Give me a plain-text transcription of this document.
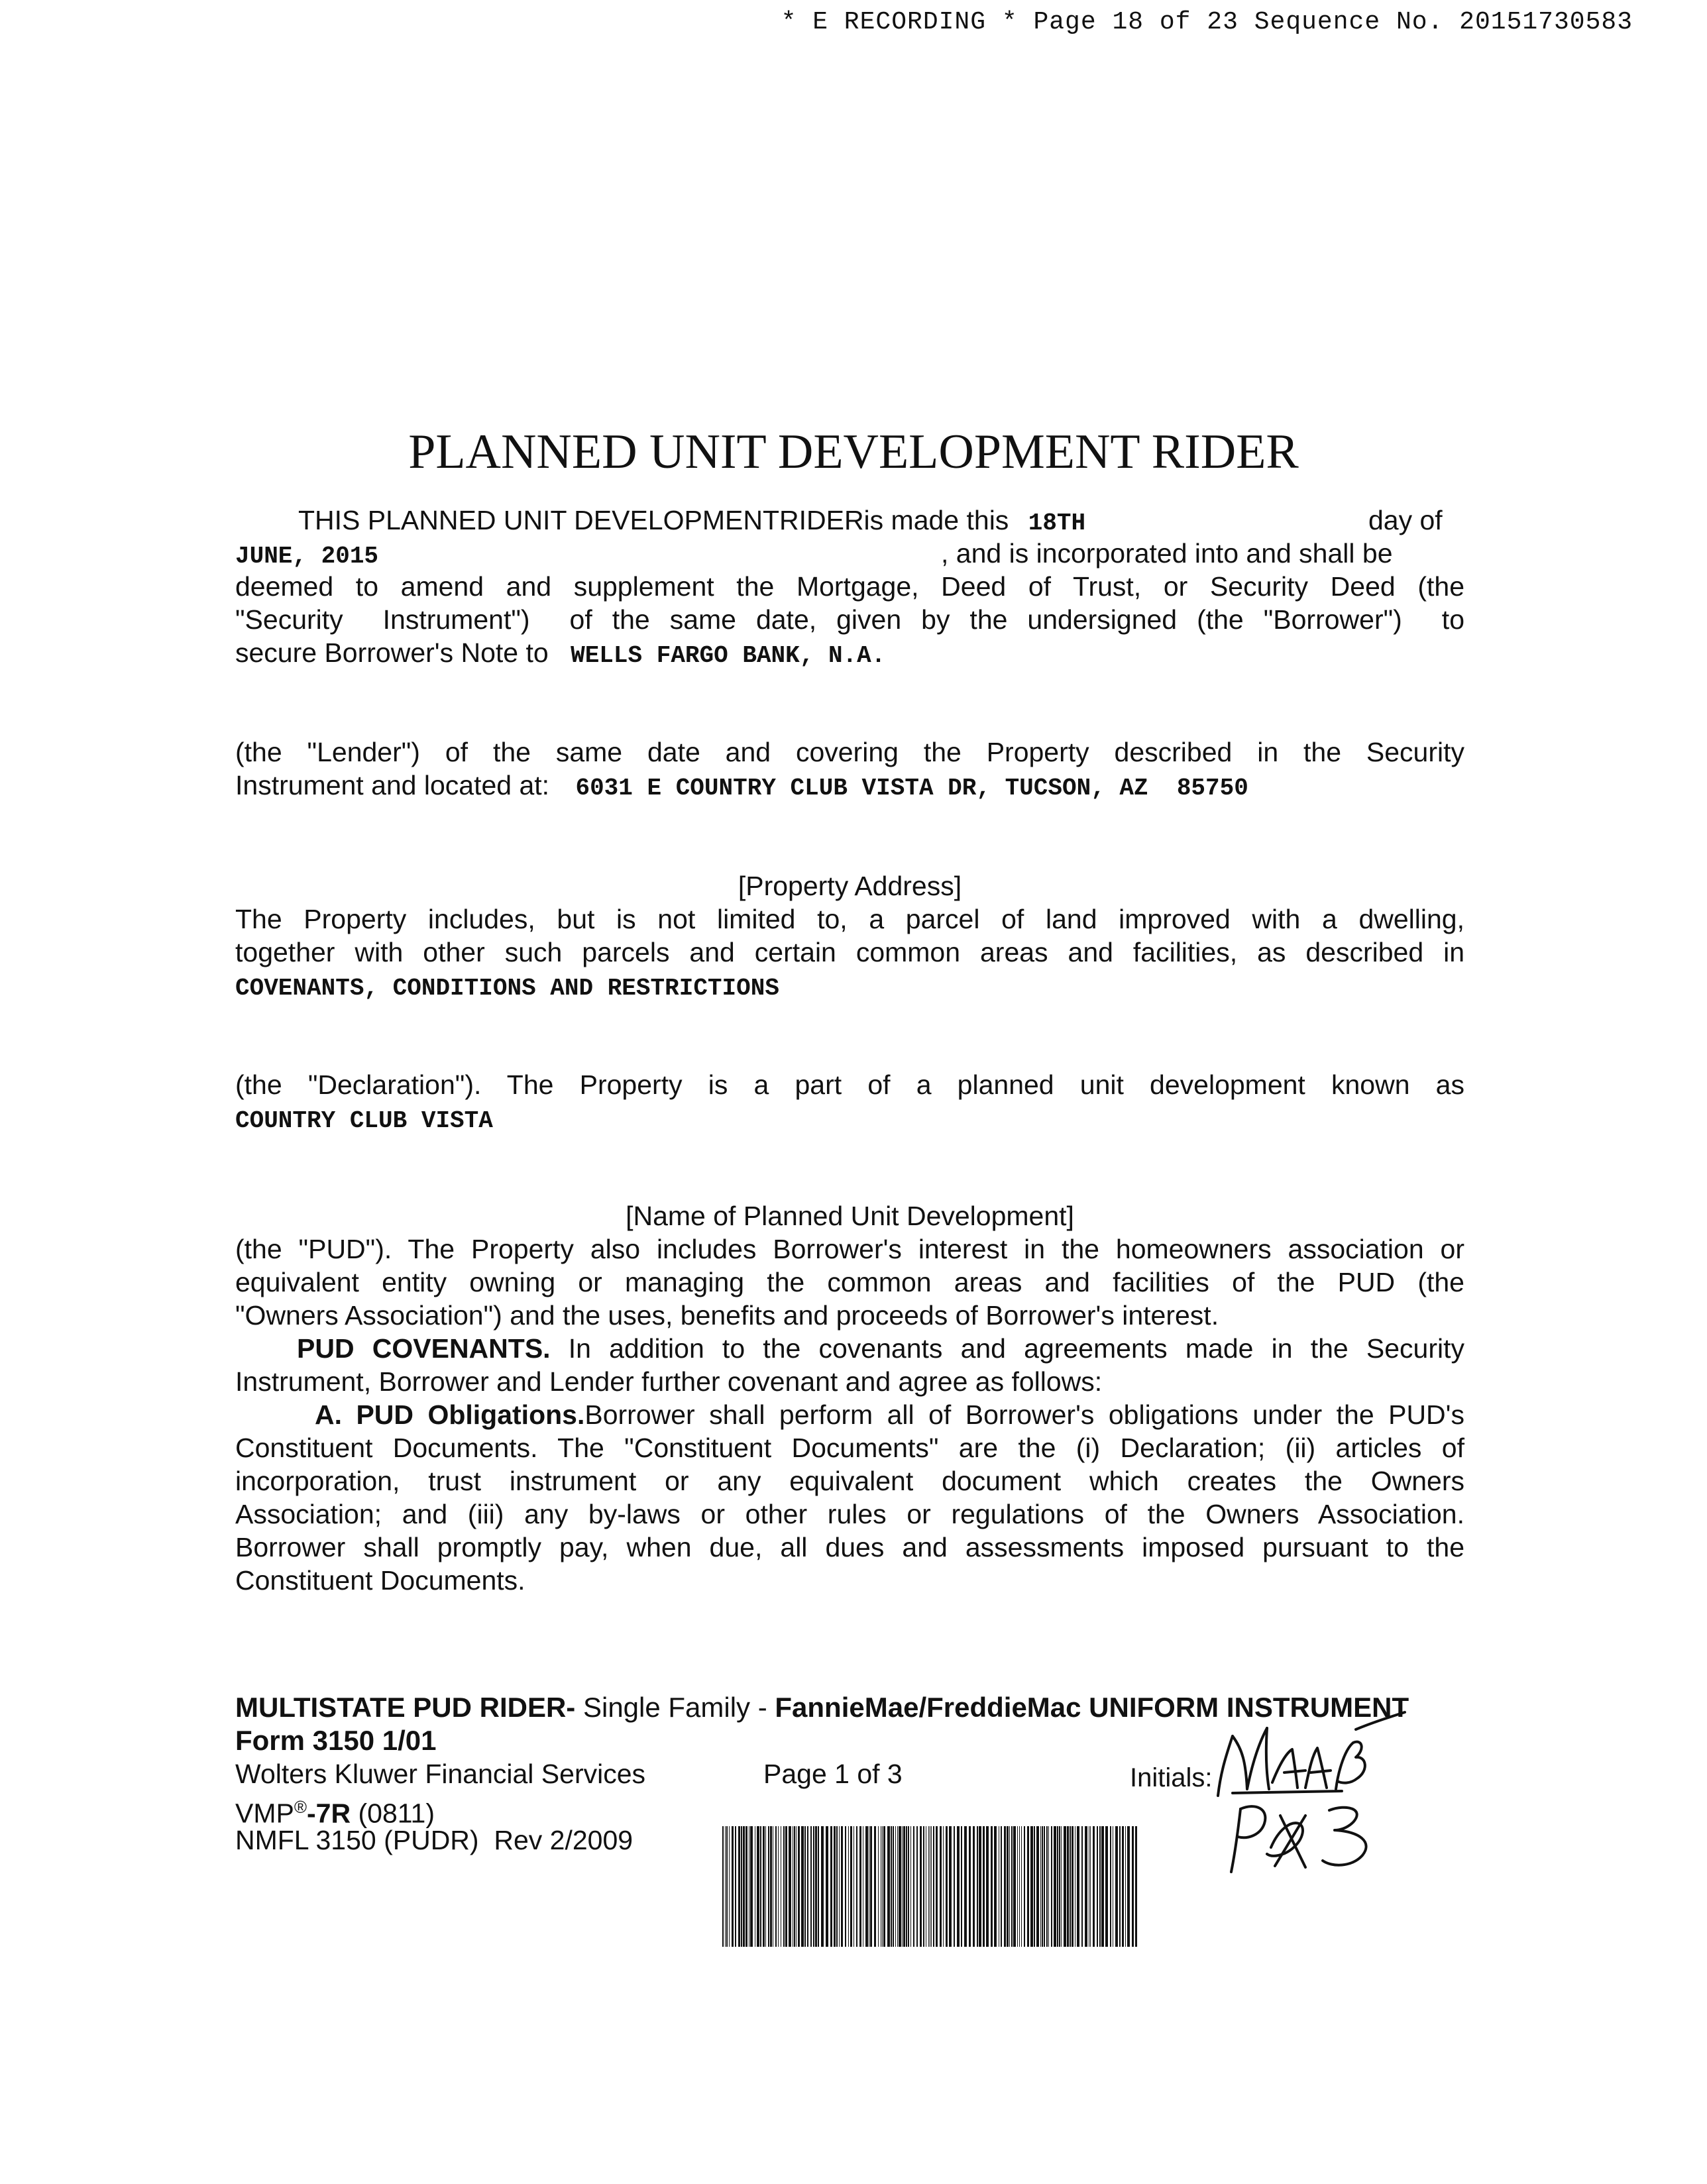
* E RECORDING * Page 18 of 23 Sequence No. 20151730583
PLANNED UNIT DEVELOPMENT RIDER
THIS PLANNED UNIT DEVELOPMENTRIDERis made this 18TH	day of
JUNE, 2015	, and is incorporated into and shall be
deemed to amend and supplement the Mortgage, Deed of Trust, or Security Deed (the
"Security  Instrument")  of the same date, given by the undersigned (the "Borrower")  to
secure Borrower's Note to WELLS FARGO BANK, N.A.
(the "Lender") of the same date and covering the Property described in the Security
Instrument and located at: 6031 E COUNTRY CLUB VISTA DR, TUCSON, AZ  85750
[Property Address]
The Property includes, but is not limited to, a parcel of land improved with a dwelling,
together with other such parcels and certain common areas and facilities, as described in
COVENANTS, CONDITIONS AND RESTRICTIONS
(the "Declaration"). The Property is a part of a planned unit development known as
COUNTRY CLUB VISTA
[Name of Planned Unit Development]
(the "PUD"). The Property also includes Borrower's interest in the homeowners association or
equivalent entity owning or managing the common areas and facilities of the PUD (the
"Owners Association") and the uses, benefits and proceeds of Borrower's interest.
PUD COVENANTS. In addition to the covenants and agreements made in the Security
Instrument, Borrower and Lender further covenant and agree as follows:
A. PUD Obligations.Borrower shall perform all of Borrower's obligations under the PUD's
Constituent Documents. The "Constituent Documents" are the (i) Declaration; (ii) articles of
incorporation, trust instrument or any equivalent document which creates the Owners
Association; and (iii) any by-laws or other rules or regulations of the Owners Association.
Borrower shall promptly pay, when due, all dues and assessments imposed pursuant to the
Constituent Documents.
MULTISTATE PUD RIDER- Single Family - FannieMae/FreddieMac UNIFORM INSTRUMENT
Form 3150 1/01
Wolters Kluwer Financial Services
VMP®-7R (0811)
NMFL 3150 (PUDR)  Rev 2/2009
Page 1 of 3	Initials:
